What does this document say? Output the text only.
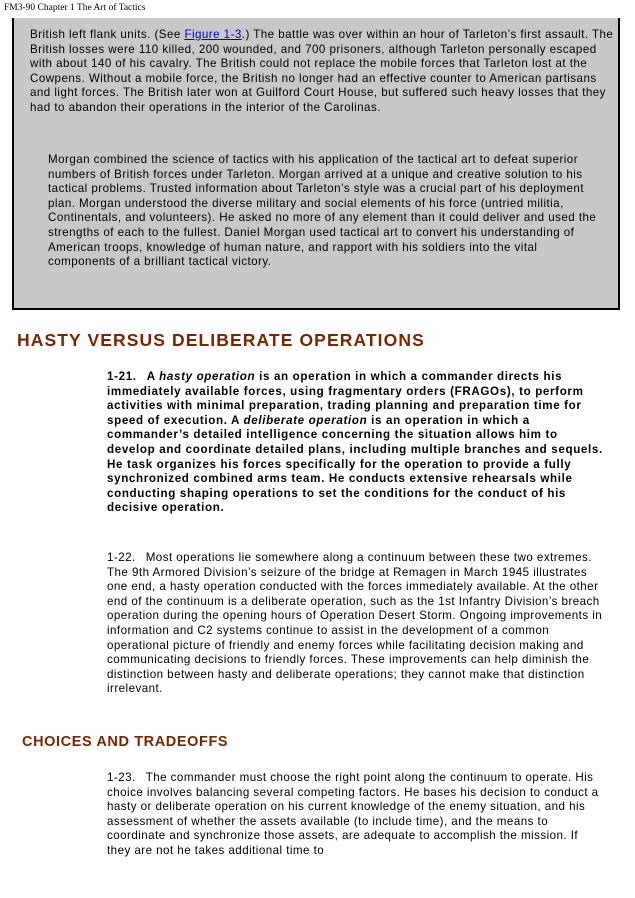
FM3-90 Chapter 1 The Art of Tactics

British left flank units. (See Figure 1-3.) The battle was over within an hour of Tarleton’s first assault. The British losses were 110 killed, 200 wounded, and 700 prisoners, although Tarleton personally escaped with about 140 of his cavalry. The British could not replace the mobile forces that Tarleton lost at the Cowpens. Without a mobile force, the British no longer had an effective counter to American partisans and light forces. The British later won at Guilford Court House, but suffered such heavy losses that they had to abandon their operations in the interior of the Carolinas.

Morgan combined the science of tactics with his application of the tactical art to defeat superior numbers of British forces under Tarleton. Morgan arrived at a unique and creative solution to his tactical problems. Trusted information about Tarleton’s style was a crucial part of his deployment plan. Morgan understood the diverse military and social elements of his force (untried militia, Continentals, and volunteers). He asked no more of any element than it could deliver and used the strengths of each to the fullest. Daniel Morgan used tactical art to convert his understanding of American troops, knowledge of human nature, and rapport with his soldiers into the vital components of a brilliant tactical victory.

HASTY VERSUS DELIBERATE OPERATIONS

1-21. A hasty operation is an operation in which a commander directs his immediately available forces, using fragmentary orders (FRAGOs), to perform activities with minimal preparation, trading planning and preparation time for speed of execution. A deliberate operation is an operation in which a commander’s detailed intelligence concerning the situation allows him to develop and coordinate detailed plans, including multiple branches and sequels. He task organizes his forces specifically for the operation to provide a fully synchronized combined arms team. He conducts extensive rehearsals while conducting shaping operations to set the conditions for the conduct of his decisive operation.

1-22. Most operations lie somewhere along a continuum between these two extremes. The 9th Armored Division’s seizure of the bridge at Remagen in March 1945 illustrates one end, a hasty operation conducted with the forces immediately available. At the other end of the continuum is a deliberate operation, such as the 1st Infantry Division’s breach operation during the opening hours of Operation Desert Storm. Ongoing improvements in information and C2 systems continue to assist in the development of a common operational picture of friendly and enemy forces while facilitating decision making and communicating decisions to friendly forces. These improvements can help diminish the distinction between hasty and deliberate operations; they cannot make that distinction irrelevant.

CHOICES AND TRADEOFFS

1-23. The commander must choose the right point along the continuum to operate. His choice involves balancing several competing factors. He bases his decision to conduct a hasty or deliberate operation on his current knowledge of the enemy situation, and his assessment of whether the assets available (to include time), and the means to coordinate and synchronize those assets, are adequate to accomplish the mission. If they are not he takes additional time to
